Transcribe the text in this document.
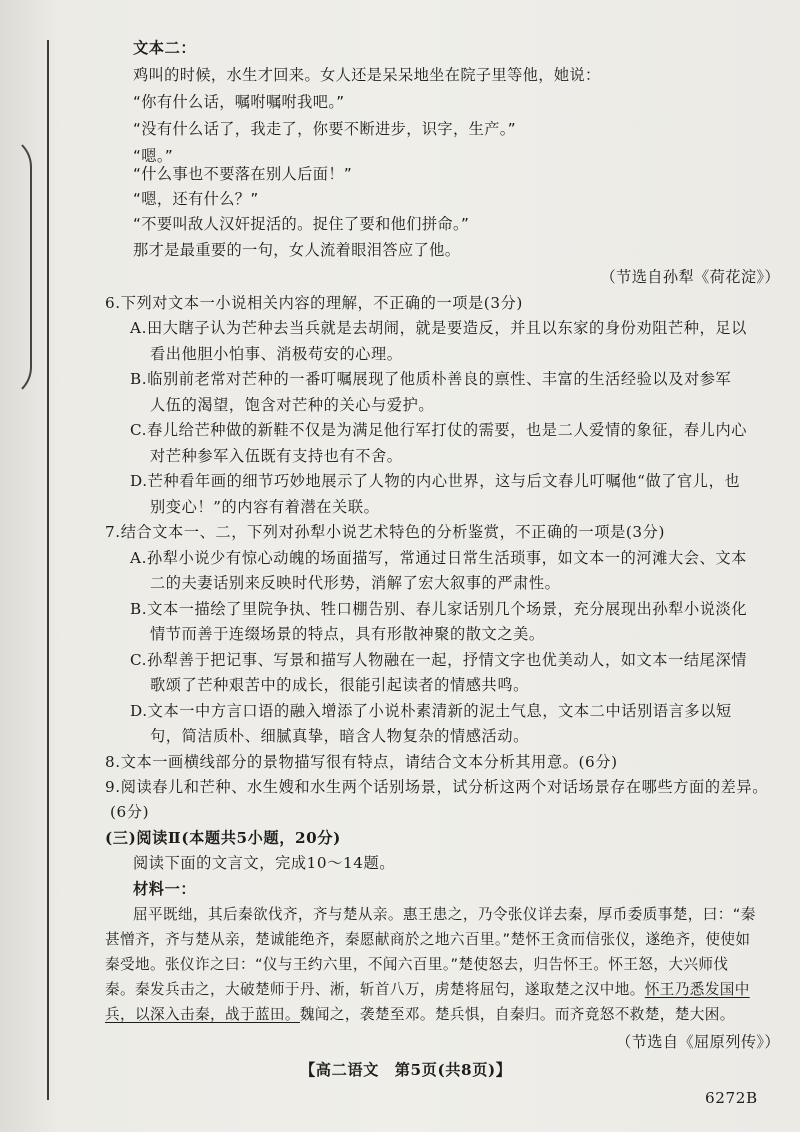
文本二：
鸡叫的时候，水生才回来。女人还是呆呆地坐在院子里等他，她说：
“你有什么话，嘱咐嘱咐我吧。”
“没有什么话了，我走了，你要不断进步，识字，生产。”
“嗯。”
“什么事也不要落在别人后面！”
“嗯，还有什么？”
“不要叫敌人汉奸捉活的。捉住了要和他们拼命。”
那才是最重要的一句，女人流着眼泪答应了他。
（节选自孙犁《荷花淀》）
6.下列对文本一小说相关内容的理解，不正确的一项是(3分)
A.田大瞎子认为芒种去当兵就是去胡闹，就是要造反，并且以东家的身份劝阻芒种，足以
看出他胆小怕事、消极苟安的心理。
B.临别前老常对芒种的一番叮嘱展现了他质朴善良的禀性、丰富的生活经验以及对参军
人伍的渴望，饱含对芒种的关心与爱护。
C.春儿给芒种做的新鞋不仅是为满足他行军打仗的需要，也是二人爱情的象征，春儿内心
对芒种参军入伍既有支持也有不舍。
D.芒种看年画的细节巧妙地展示了人物的内心世界，这与后文春儿叮嘱他“做了官儿，也
别变心！”的内容有着潜在关联。
7.结合文本一、二，下列对孙犁小说艺术特色的分析鉴赏，不正确的一项是(3分)
A.孙犁小说少有惊心动魄的场面描写，常通过日常生活琐事，如文本一的河滩大会、文本
二的夫妻话别来反映时代形势，消解了宏大叙事的严肃性。
B.文本一描绘了里院争执、牲口棚告别、春儿家话别几个场景，充分展现出孙犁小说淡化
情节而善于连缀场景的特点，具有形散神聚的散文之美。
C.孙犁善于把记事、写景和描写人物融在一起，抒情文字也优美动人，如文本一结尾深情
歌颂了芒种艰苦中的成长，很能引起读者的情感共鸣。
D.文本一中方言口语的融入增添了小说朴素清新的泥土气息，文本二中话别语言多以短
句，简洁质朴、细腻真挚，暗含人物复杂的情感活动。
8.文本一画横线部分的景物描写很有特点，请结合文本分析其用意。(6分)
9.阅读春儿和芒种、水生嫂和水生两个话别场景，试分析这两个对话场景存在哪些方面的差异。
(6分)
(三)阅读Ⅱ(本题共5小题，20分)
阅读下面的文言文，完成10～14题。
材料一：
屈平既绌，其后秦欲伐齐，齐与楚从亲。惠王患之，乃令张仪详去秦，厚币委质事楚，曰：“秦
甚憎齐，齐与楚从亲，楚诚能绝齐，秦愿献商於之地六百里。”楚怀王贪而信张仪，遂绝齐，使使如
秦受地。张仪诈之曰：“仪与王约六里，不闻六百里。”楚使怒去，归告怀王。怀王怒，大兴师伐
秦。秦发兵击之，大破楚师于丹、淅，斩首八万，虏楚将屈匄，遂取楚之汉中地。怀王乃悉发国中
兵，以深入击秦，战于蓝田。魏闻之，袭楚至邓。楚兵惧，自秦归。而齐竟怒不救楚，楚大困。
（节选自《屈原列传》）
【高二语文　第5页(共8页)】
6272B
